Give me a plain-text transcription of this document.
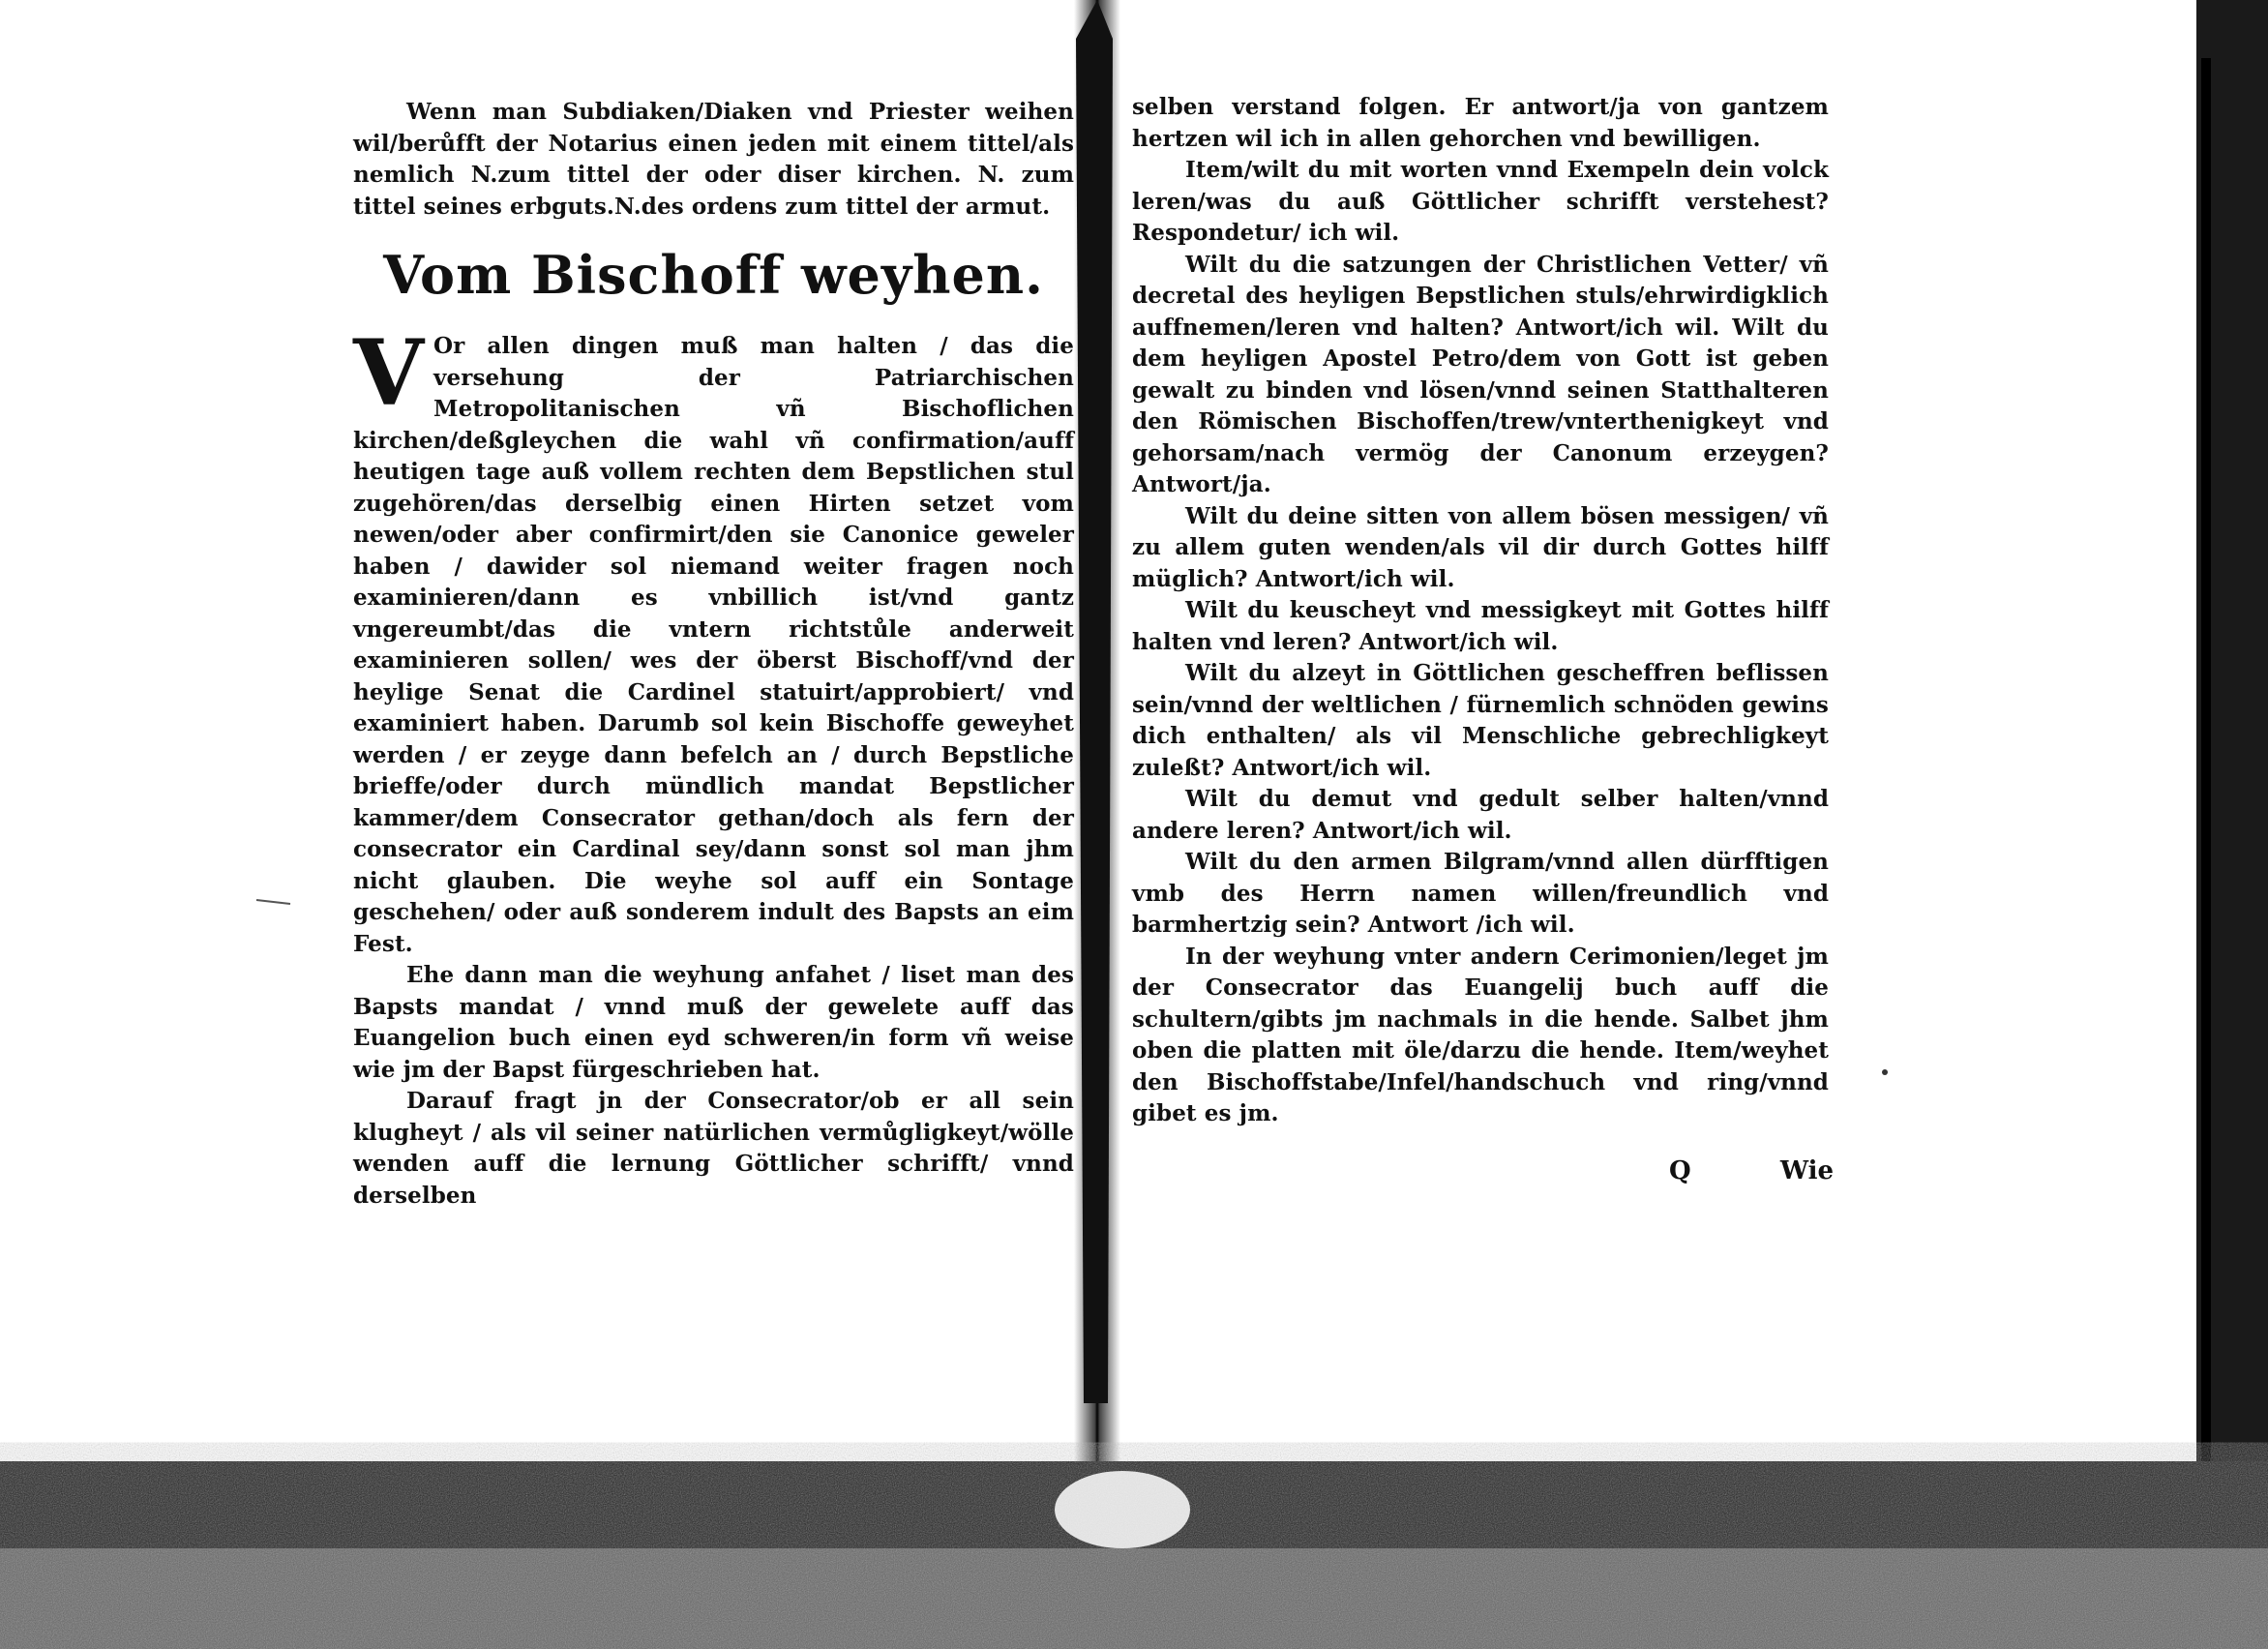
Wenn man Subdiaken/Diaken vnd Priester weihen wil/berůfft der Notarius einen jeden mit einem tittel/als nemlich N.zum tittel der oder diser kirchen. N. zum tittel seines erbguts.N.des ordens zum tittel der armut.

Vom Bischoff weyhen.

V Or allen dingen muß man halten / das die versehung der Patriarchischen Metropolitanischen vñ Bischoflichen kirchen/deßgleychen die wahl vñ confirmation/auff heutigen tage auß vollem rechten dem Bepstlichen stul zugehören/das derselbig einen Hirten setzet vom newen/oder aber confirmirt/den sie Canonice geweler haben / dawider sol niemand weiter fragen noch examinieren/dann es vnbillich ist/vnd gantz vngereumbt/das die vntern richtstůle anderweit examinieren sollen/ wes der öberst Bischoff/vnd der heylige Senat die Cardinel statuirt/approbiert/ vnd examiniert haben. Darumb sol kein Bischoffe geweyhet werden / er zeyge dann befelch an / durch Bepstliche brieffe/oder durch mündlich mandat Bepstlicher kammer/dem Consecrator gethan/doch als fern der consecrator ein Cardinal sey/dann sonst sol man jhm nicht glauben. Die weyhe sol auff ein Sontage geschehen/ oder auß sonderem indult des Bapsts an eim Fest.

Ehe dann man die weyhung anfahet / liset man des Bapsts mandat / vnnd muß der gewelete auff das Euangelion buch einen eyd schweren/in form vñ weise wie jm der Bapst fürgeschrieben hat.

Darauf fragt jn der Consecrator/ob er all sein klugheyt / als vil seiner natürlichen vermůgligkeyt/wölle wenden auff die lernung Göttlicher schrifft/ vnnd derselben

selben verstand folgen. Er antwort/ja von gantzem hertzen wil ich in allen gehorchen vnd bewilligen.

Item/wilt du mit worten vnnd Exempeln dein volck leren/was du auß Göttlicher schrifft verstehest? Respondetur/ ich wil.

Wilt du die satzungen der Christlichen Vetter/ vñ decretal des heyligen Bepstlichen stuls/ehrwirdigklich auffnemen/leren vnd halten? Antwort/ich wil. Wilt du dem heyligen Apostel Petro/dem von Gott ist geben gewalt zu binden vnd lösen/vnnd seinen Statthalteren den Römischen Bischoffen/trew/vnterthenigkeyt vnd gehorsam/nach vermög der Canonum erzeygen? Antwort/ja.

Wilt du deine sitten von allem bösen messigen/ vñ zu allem guten wenden/als vil dir durch Gottes hilff müglich? Antwort/ich wil.

Wilt du keuscheyt vnd messigkeyt mit Gottes hilff halten vnd leren? Antwort/ich wil.

Wilt du alzeyt in Göttlichen gescheffren beflissen sein/vnnd der weltlichen / fürnemlich schnöden gewins dich enthalten/ als vil Menschliche gebrechligkeyt zuleßt? Antwort/ich wil.

Wilt du demut vnd gedult selber halten/vnnd andere leren? Antwort/ich wil.

Wilt du den armen Bilgram/vnnd allen dürfftigen vmb des Herrn namen willen/freundlich vnd barmhertzig sein? Antwort /ich wil.

In der weyhung vnter andern Cerimonien/leget jm der Consecrator das Euangelij buch auff die schultern/gibts jm nachmals in die hende. Salbet jhm oben die platten mit öle/darzu die hende. Item/weyhet den Bischoffstabe/Infel/handschuch vnd ring/vnnd gibet es jm.

Q	Wie
